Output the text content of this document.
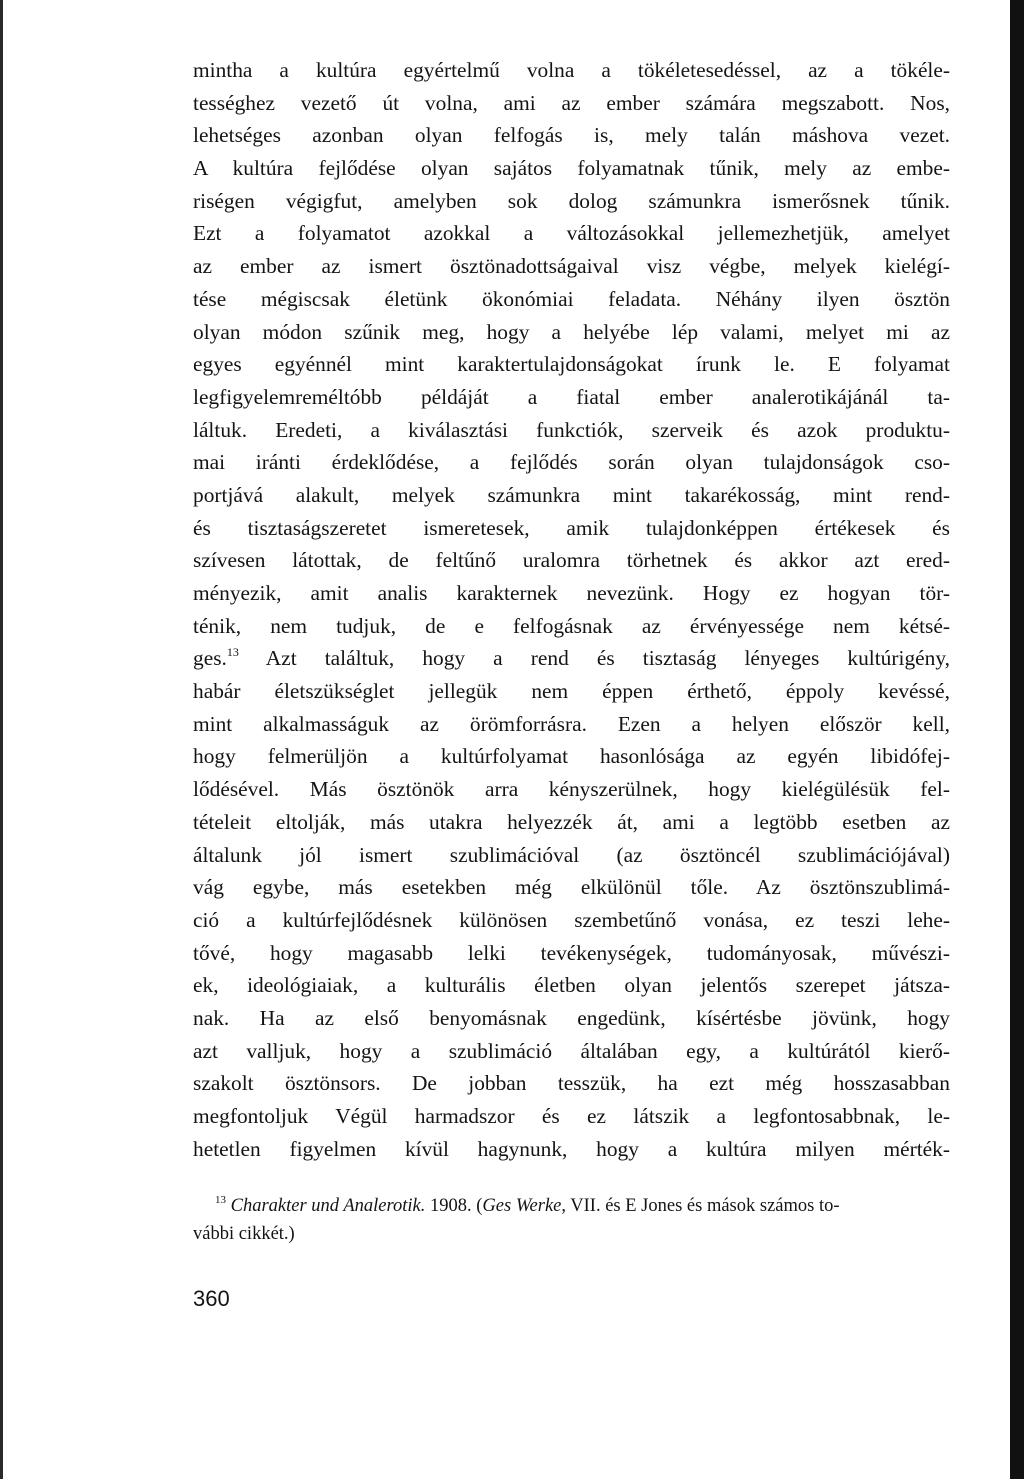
mintha a kultúra egyértelmű volna a tökéletesedéssel, az a tökéle-
tességhez vezető út volna, ami az ember számára megszabott. Nos,
lehetséges azonban olyan felfogás is, mely talán máshova vezet.
A kultúra fejlődése olyan sajátos folyamatnak tűnik, mely az embe-
riségen végigfut, amelyben sok dolog számunkra ismerősnek tűnik.
Ezt a folyamatot azokkal a változásokkal jellemezhetjük, amelyet
az ember az ismert ösztönadottságaival visz végbe, melyek kielégí-
tése mégiscsak életünk ökonómiai feladata. Néhány ilyen ösztön
olyan módon szűnik meg, hogy a helyébe lép valami, melyet mi az
egyes egyénnél mint karaktertulajdonságokat írunk le. E folyamat
legfigyelemreméltóbb példáját a fiatal ember analerotikájánál ta-
láltuk. Eredeti, a kiválasztási funkctiók, szerveik és azok produktu-
mai iránti érdeklődése, a fejlődés során olyan tulajdonságok cso-
portjává alakult, melyek számunkra mint takarékosság, mint rend-
és tisztaságszeretet ismeretesek, amik tulajdonképpen értékesek és
szívesen látottak, de feltűnő uralomra törhetnek és akkor azt ered-
ményezik, amit analis karakternek nevezünk. Hogy ez hogyan tör-
ténik, nem tudjuk, de e felfogásnak az érvényessége nem kétsé-
ges.$^{13}$ Azt találtuk, hogy a rend és tisztaság lényeges kultúrigény,
habár életszükséglet jellegük nem éppen érthető, éppoly kevéssé,
mint alkalmasságuk az örömforrásra. Ezen a helyen először kell,
hogy felmerüljön a kultúrfolyamat hasonlósága az egyén libidófej-
lődésével. Más ösztönök arra kényszerülnek, hogy kielégülésük fel-
tételeit eltolják, más utakra helyezzék át, ami a legtöbb esetben az
általunk jól ismert szublimációval (az ösztöncél szublimációjával)
vág egybe, más esetekben még elkülönül tőle. Az ösztönszublimá-
ció a kultúrfejlődésnek különösen szembetűnő vonása, ez teszi lehe-
tővé, hogy magasabb lelki tevékenységek, tudományosak, művészi-
ek, ideológiaiak, a kulturális életben olyan jelentős szerepet játsza-
nak. Ha az első benyomásnak engedünk, kísértésbe jövünk, hogy
azt valljuk, hogy a szublimáció általában egy, a kultúrától kierő-
szakolt ösztönsors. De jobban tesszük, ha ezt még hosszasabban
megfontoljuk Végül harmadszor és ez látszik a legfontosabbnak, le-
hetetlen figyelmen kívül hagynunk, hogy a kultúra milyen mérték-
$^{13}$ Charakter und Analerotik. 1908. (Ges Werke, VII. és E Jones és mások számos to-
vábbi cikkét.)
360
